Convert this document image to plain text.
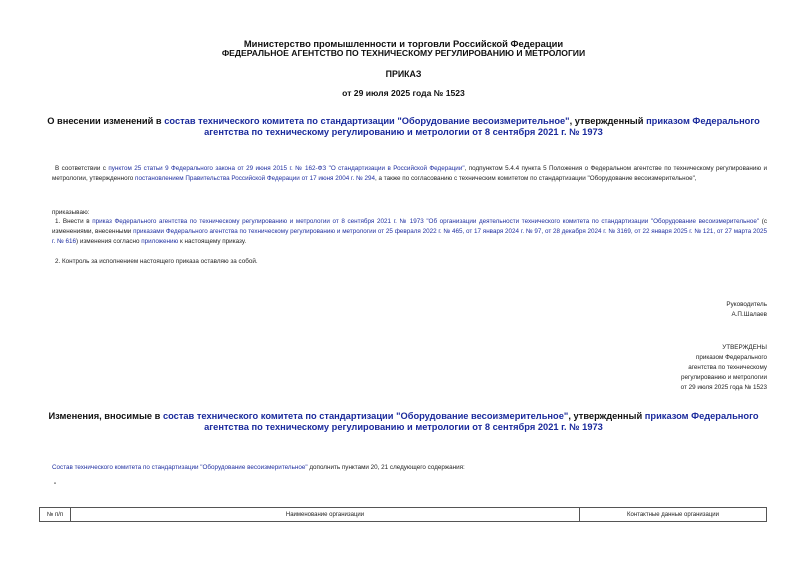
Министерство промышленности и торговли Российской Федерации
ФЕДЕРАЛЬНОЕ АГЕНТСТВО ПО ТЕХНИЧЕСКОМУ РЕГУЛИРОВАНИЮ И МЕТРОЛОГИИ
ПРИКАЗ
от 29 июля 2025 года № 1523
О внесении изменений в состав технического комитета по стандартизации "Оборудование весоизмерительное", утвержденный приказом Федерального агентства по техническому регулированию и метрологии от 8 сентября 2021 г. № 1973
В соответствии с пунктом 25 статьи 9 Федерального закона от 29 июня 2015 г. № 162-ФЗ "О стандартизации в Российской Федерации", подпунктом 5.4.4 пункта 5 Положения о Федеральном агентстве по техническому регулированию и метрологии, утвержденного постановлением Правительства Российской Федерации от 17 июня 2004 г. № 294, а также по согласованию с техническим комитетом по стандартизации "Оборудование весоизмерительное",
приказываю:
1. Внести в приказ Федерального агентства по техническому регулированию и метрологии от 8 сентября 2021 г. № 1973 "Об организации деятельности технического комитета по стандартизации "Оборудование весоизмерительное" (с изменениями, внесенными приказами Федерального агентства по техническому регулированию и метрологии от 25 февраля 2022 г. № 465, от 17 января 2024 г. № 97, от 28 декабря 2024 г. № 3169, от 22 января 2025 г. № 121, от 27 марта 2025 г. № 616) изменения согласно приложению к настоящему приказу.
2. Контроль за исполнением настоящего приказа оставляю за собой.
Руководитель
А.П.Шалаев
УТВЕРЖДЕНЫ
приказом Федерального
агентства по техническому
регулированию и метрологии
от 29 июля 2025 года № 1523
Изменения, вносимые в состав технического комитета по стандартизации "Оборудование весоизмерительное", утвержденный приказом Федерального агентства по техническому регулированию и метрологии от 8 сентября 2021 г. № 1973
Состав технического комитета по стандартизации "Оборудование весоизмерительное" дополнить пунктами 20, 21 следующего содержания:
"
№ п/п	Наименование организации	Контактные данные организации
